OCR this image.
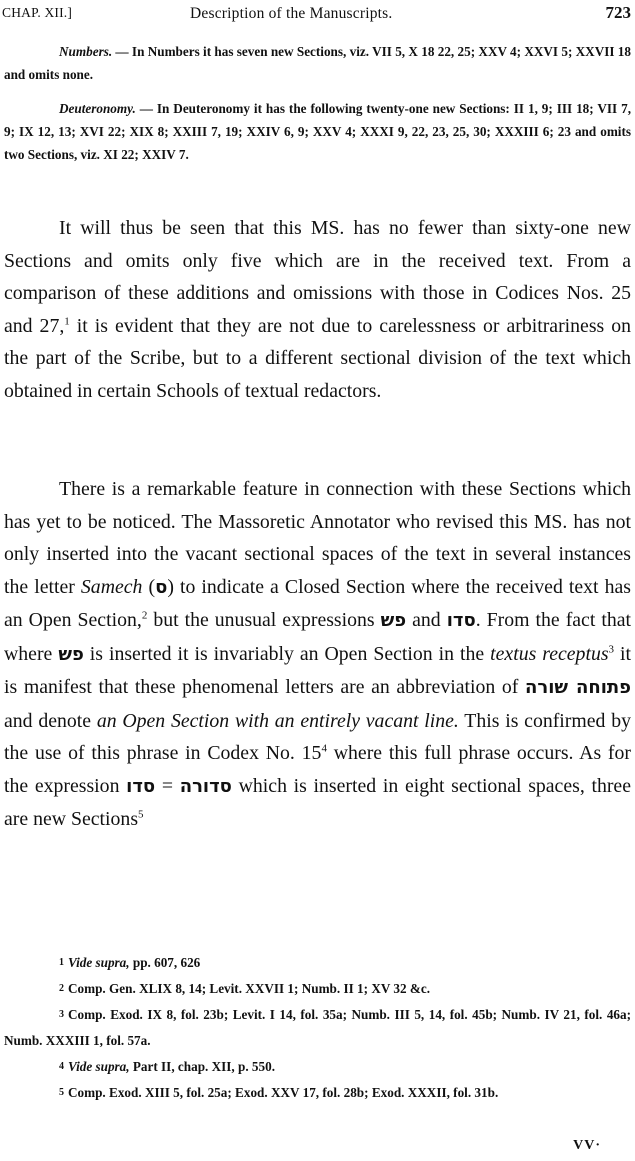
CHAP. XII.]	Description of the Manuscripts.	723

Numbers. — In Numbers it has seven new Sections, viz. VII 5, X 18 22, 25; XXV 4; XXVI 5; XXVII 18 and omits none.

Deuteronomy. — In Deuteronomy it has the following twenty-one new Sections: II 1, 9; III 18; VII 7, 9; IX 12, 13; XVI 22; XIX 8; XXIII 7, 19; XXIV 6, 9; XXV 4; XXXI 9, 22, 23, 25, 30; XXXIII 6; 23 and omits two Sections, viz. XI 22; XXIV 7.

It will thus be seen that this MS. has no fewer than sixty-one new Sections and omits only five which are in the received text. From a comparison of these additions and omissions with those in Codices Nos. 25 and 27,$^1$ it is evident that they are not due to carelessness or arbitrariness on the part of the Scribe, but to a different sectional division of the text which obtained in certain Schools of textual redactors.

There is a remarkable feature in connection with these Sections which has yet to be noticed. The Massoretic Annotator who revised this MS. has not only inserted into the vacant sectional spaces of the text in several instances the letter Samech (ס) to indicate a Closed Section where the received text has an Open Section,$^2$ but the unusual expressions פש and סדו. From the fact that where פש is inserted it is invariably an Open Section in the textus receptus$^3$ it is manifest that these phenomenal letters are an abbreviation of פתוחה שורה and denote an Open Section with an entirely vacant line. This is confirmed by the use of this phrase in Codex No. $15^4$ where this full phrase occurs. As for the expression סדו = סדורה which is inserted in eight sectional spaces, three are new Sections$^5$

1 Vide supra, pp. 607, 626

2 Comp. Gen. XLIX 8, 14; Levit. XXVII 1; Numb. II 1; XV 32 &c.

3 Comp. Exod. IX 8, fol. 23b; Levit. I 14, fol. 35a; Numb. III 5, 14, fol. 45b; Numb. IV 21, fol. 46a; Numb. XXXIII 1, fol. 57a.

4 Vide supra, Part II, chap. XII, p. 550.

5 Comp. Exod. XIII 5, fol. 25a; Exod. XXV 17, fol. 28b; Exod. XXXII, fol. 31b.

VV·
